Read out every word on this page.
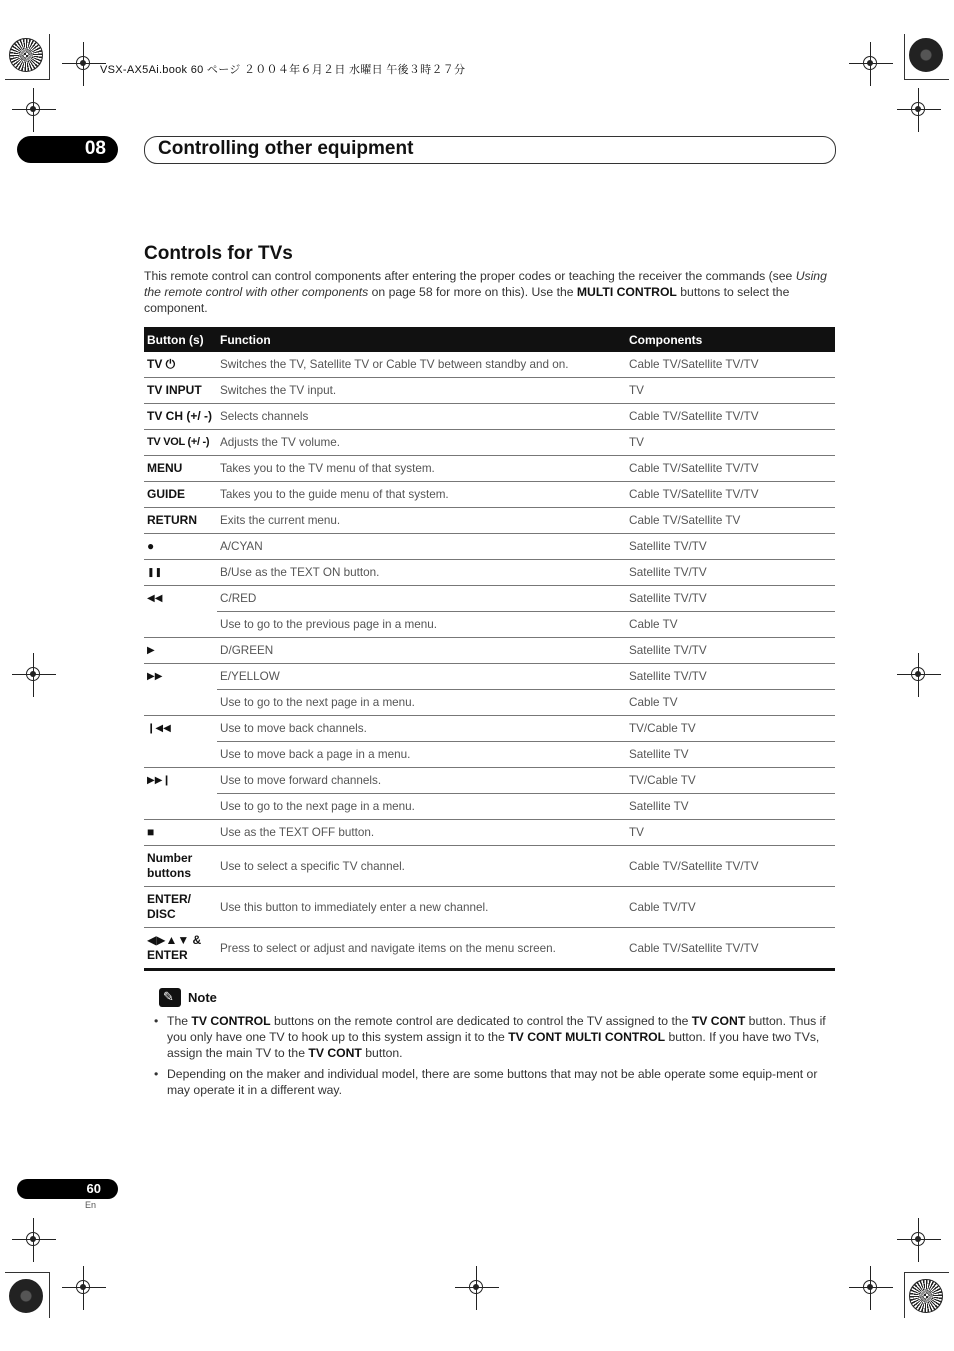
VSX-AX5Ai.book 60 ページ ２００４年６月２日 水曜日 午後３時２７分
08	Controlling other equipment
Controls for TVs

This remote control can control components after entering the proper codes or teaching the receiver the commands (see Using the remote control with other components on page 58 for more on this). Use the MULTI CONTROL buttons to select the component.

Button (s)	Function	Components
TV ⏻	Switches the TV, Satellite TV or Cable TV between standby and on.	Cable TV/Satellite TV/TV
TV INPUT	Switches the TV input.	TV
TV CH (+/ -)	Selects channels	Cable TV/Satellite TV/TV
TV VOL (+/ -)	Adjusts the TV volume.	TV
MENU	Takes you to the TV menu of that system.	Cable TV/Satellite TV/TV
GUIDE	Takes you to the guide menu of that system.	Cable TV/Satellite TV/TV
RETURN	Exits the current menu.	Cable TV/Satellite TV
●	A/CYAN	Satellite TV/TV
❚❚	B/Use as the TEXT ON button.	Satellite TV/TV
◀◀	C/RED	Satellite TV/TV
	Use to go to the previous page in a menu.	Cable TV
▶	D/GREEN	Satellite TV/TV
▶▶	E/YELLOW	Satellite TV/TV
	Use to go to the next page in a menu.	Cable TV
❙◀◀	Use to move back channels.	TV/Cable TV
	Use to move back a page in a menu.	Satellite TV
▶▶❙	Use to move forward channels.	TV/Cable TV
	Use to go to the next page in a menu.	Satellite TV
■	Use as the TEXT OFF button.	TV
Number buttons	Use to select a specific TV channel.	Cable TV/Satellite TV/TV
ENTER/ DISC	Use this button to immediately enter a new channel.	Cable TV/TV
◀▶▲▼ & ENTER	Press to select or adjust and navigate items on the menu screen.	Cable TV/Satellite TV/TV
✎ Note
• The TV CONTROL buttons on the remote control are dedicated to control the TV assigned to the TV CONT button. Thus if you only have one TV to hook up to this system assign it to the TV CONT MULTI CONTROL button. If you have two TVs, assign the main TV to the TV CONT button.
• Depending on the maker and individual model, there are some buttons that may not be able operate some equip-ment or may operate it in a different way.
60
En
